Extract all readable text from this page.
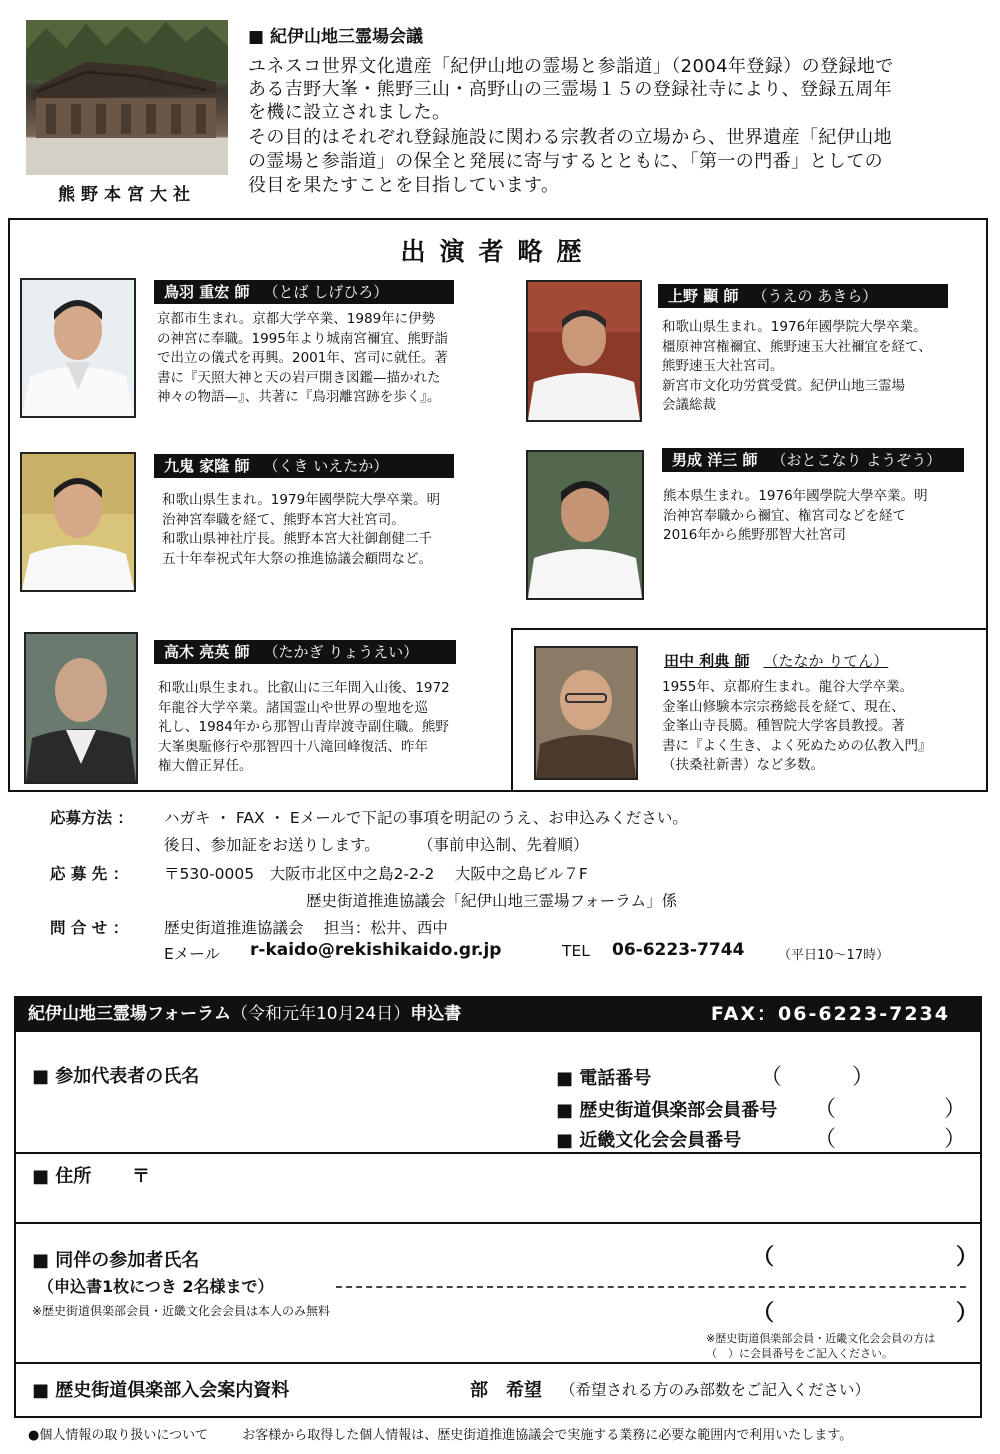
熊野本宮大社
■ 紀伊山地三霊場会議
ユネスコ世界文化遺産「紀伊山地の霊場と参詣道」（2004年登録）の登録地で
ある吉野大峯・熊野三山・高野山の三霊場１５の登録社寺により、登録五周年
を機に設立されました。
その目的はそれぞれ登録施設に関わる宗教者の立場から、世界遺産「紀伊山地
の霊場と参詣道」の保全と発展に寄与するとともに、「第一の門番」としての
役目を果たすことを目指しています。
出演者略歴
鳥羽 重宏 師 （とば しげひろ）
京都市生まれ。京都大学卒業、1989年に伊勢
の神宮に奉職。1995年より城南宮禰宜、熊野詣
で出立の儀式を再興。2001年、宮司に就任。著
書に『天照大神と天の岩戸開き図鑑—描かれた
神々の物語—』、共著に『鳥羽離宮跡を歩く』。
上野 顯 師 （うえの あきら）
和歌山県生まれ。1976年國學院大學卒業。
橿原神宮権禰宜、熊野速玉大社禰宜を経て、
熊野速玉大社宮司。
新宮市文化功労賞受賞。紀伊山地三霊場
会議総裁
九鬼 家隆 師 （くき いえたか）
和歌山県生まれ。1979年國學院大學卒業。明
治神宮奉職を経て、熊野本宮大社宮司。
和歌山県神社庁長。熊野本宮大社御創健二千
五十年奉祝式年大祭の推進協議会顧問など。
男成 洋三 師 （おとこなり ようぞう）
熊本県生まれ。1976年國學院大學卒業。明
治神宮奉職から禰宜、権宮司などを経て
2016年から熊野那智大社宮司
高木 亮英 師 （たかぎ りょうえい）
和歌山県生まれ。比叡山に三年間入山後、1972
年龍谷大学卒業。諸国霊山や世界の聖地を巡
礼し、1984年から那智山青岸渡寺副住職。熊野
大峯奥駈修行や那智四十八滝回峰復活、昨年
権大僧正昇任。
田中 利典 師 （たなか りてん）
1955年、京都府生まれ。龍谷大学卒業。
金峯山修験本宗宗務総長を経て、現在、
金峯山寺長臈。種智院大学客員教授。著
書に『よく生き、よく死ぬための仏教入門』
（扶桑社新書）など多数。
応募方法 ： ハガキ ・ FAX ・ Eメールで下記の事項を明記のうえ、お申込みください。
後日、参加証をお送りします。 （事前申込制、先着順）
応 募 先 ： 〒530-0005　大阪市北区中之島2-2-2　 大阪中之島ビル７F
歴史街道推進協議会「紀伊山地三霊場フォーラム」係
問 合 せ ： 歴史街道推進協議会　 担当：松井、西中
Eメール r-kaido@rekishikaido.gr.jp	TEL 06-6223-7744	（平日10～17時）
紀伊山地三霊場フォーラム（令和元年10月24日）申込書	FAX：06-6223-7234
■ 参加代表者の氏名	■ 電話番号	（	）
■ 歴史街道倶楽部会員番号 （	）
■ 近畿文化会会員番号	（	）
■ 住所 〒
■ 同伴の参加者氏名
（申込書1枚につき 2名様まで）
※歴史街道倶楽部会員・近畿文化会会員は本人のみ無料
（	）
（	）
※歴史街道倶楽部会員・近畿文化会会員の方は
（　）に会員番号をご記入ください。
■ 歴史街道倶楽部入会案内資料	部　希望 （希望される方のみ部数をご記入ください）
●個人情報の取り扱いについて	お客様から取得した個人情報は、歴史街道推進協議会で実施する業務に必要な範囲内で利用いたします。
